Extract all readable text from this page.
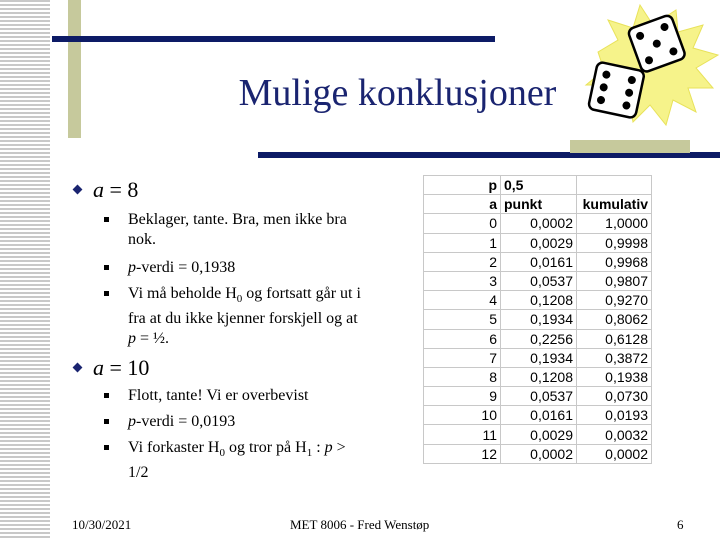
Mulige konklusjoner
a = 8
Beklager, tante. Bra, men ikke bra nok.
p-verdi = 0,1938
Vi må beholde $H_0$ og fortsatt går ut i fra at du ikke kjenner forskjell og at p = ½.
a = 10
Flott, tante! Vi er overbevist
p-verdi = 0,0193
Vi forkaster $H_0$ og tror på $H_1$ : p > 1/2
p	0,5	
a	punkt	kumulativ
0	0,0002	1,0000
1	0,0029	0,9998
2	0,0161	0,9968
3	0,0537	0,9807
4	0,1208	0,9270
5	0,1934	0,8062
6	0,2256	0,6128
7	0,1934	0,3872
8	0,1208	0,1938
9	0,0537	0,0730
10	0,0161	0,0193
11	0,0029	0,0032
12	0,0002	0,0002
10/30/2021	MET 8006 - Fred Wenstøp	6
